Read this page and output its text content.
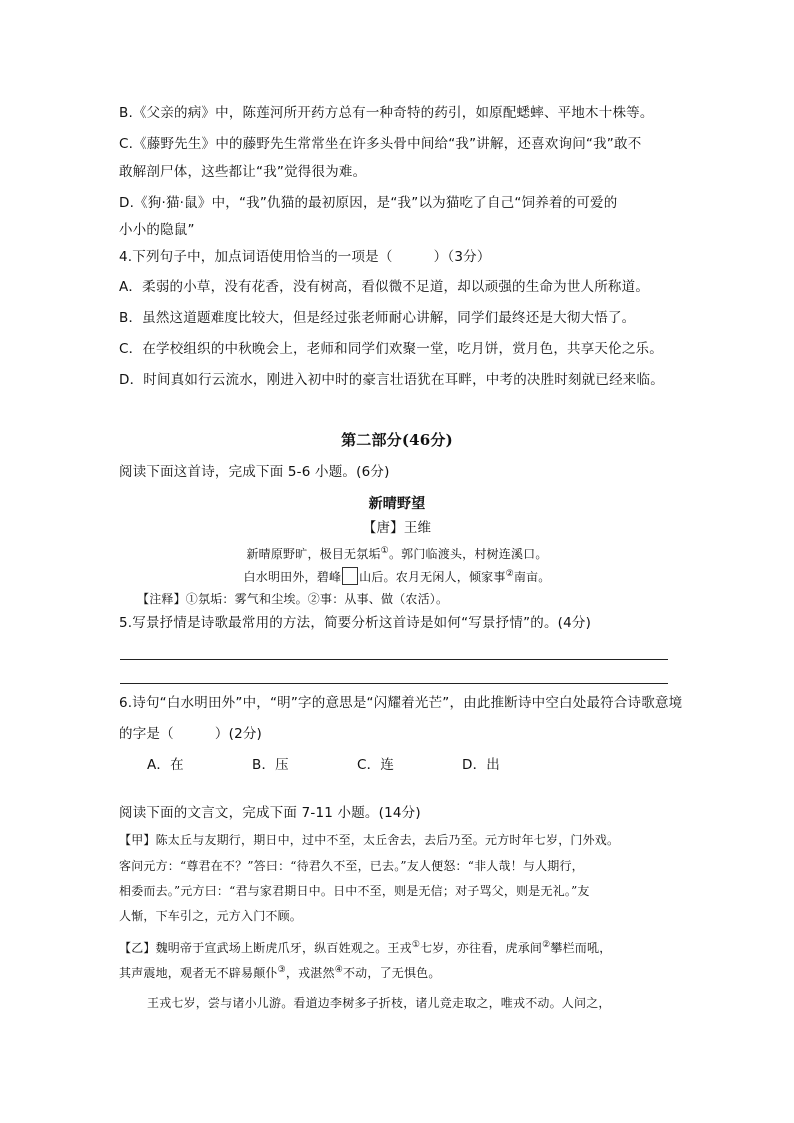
B.《父亲的病》中，陈莲河所开药方总有一种奇特的药引，如原配蟋蟀、平地木十株等。
C.《藤野先生》中的藤野先生常常坐在许多头骨中间给“我”讲解，还喜欢询问“我”敢不
敢解剖尸体，这些都让“我”觉得很为难。
D.《狗·猫·鼠》中，“我”仇猫的最初原因，是“我”以为猫吃了自己“饲养着的可爱的
小小的隐鼠”
4.下列句子中，加点词语使用恰当的一项是（　　　）（3分）
A．柔弱的小草，没有花香，没有树高，看似微不足道，却以顽强的生命为世人所称道。
B．虽然这道题难度比较大，但是经过张老师耐心讲解，同学们最终还是大彻大悟了。
C．在学校组织的中秋晚会上，老师和同学们欢聚一堂，吃月饼，赏月色，共享天伦之乐。
D．时间真如行云流水，刚进入初中时的豪言壮语犹在耳畔，中考的决胜时刻就已经来临。
第二部分(46分)
阅读下面这首诗，完成下面 5-6 小题。(6分)
新晴野望
【唐】王维
新晴原野旷，极目无氛垢①。郭门临渡头，村树连溪口。
白水明田外，碧峰 山后。农月无闲人，倾家事②南亩。
【注释】①氛垢：雾气和尘埃。②事：从事、做（农活）。
5.写景抒情是诗歌最常用的方法，简要分析这首诗是如何“写景抒情”的。(4分)
6.诗句“白水明田外”中，“明”字的意思是“闪耀着光芒”，由此推断诗中空白处最符合诗歌意境
的字是（　　　）(2分)
A．在	B．压	C．连	D．出
阅读下面的文言文，完成下面 7-11 小题。(14分)
【甲】陈太丘与友期行，期日中，过中不至，太丘舍去，去后乃至。元方时年七岁，门外戏。
客问元方：“尊君在不？”答曰：“待君久不至，已去。”友人便怒：“非人哉！与人期行，
相委而去。”元方曰：“君与家君期日中。日中不至，则是无信；对子骂父，则是无礼。”友
人惭，下车引之，元方入门不顾。
【乙】魏明帝于宣武场上断虎爪牙，纵百姓观之。王戎①七岁，亦往看，虎承间②攀栏而吼，
其声震地，观者无不辟易颠仆③，戎湛然④不动，了无惧色。
王戎七岁，尝与诸小儿游。看道边李树多子折枝，诸儿竞走取之，唯戎不动。人问之，
